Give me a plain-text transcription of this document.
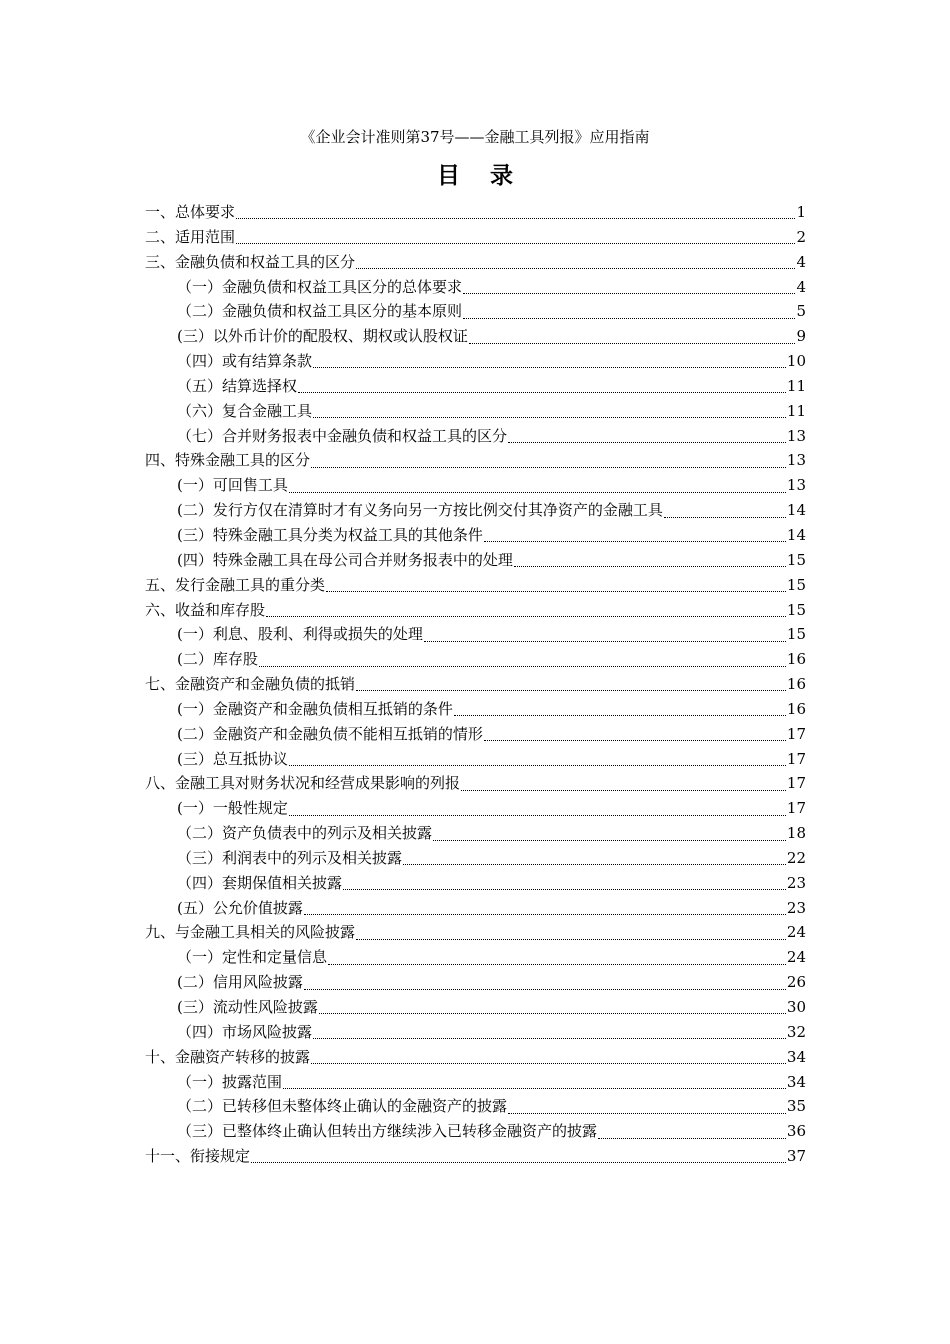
《企业会计准则第37号——金融工具列报》应用指南
目录
一、总体要求	1
二、适用范围	2
三、金融负债和权益工具的区分	4
（一）金融负债和权益工具区分的总体要求	4
（二）金融负债和权益工具区分的基本原则	5
(三）以外币计价的配股权、期权或认股权证	9
（四）或有结算条款	10
（五）结算选择权	11
（六）复合金融工具	11
（七）合并财务报表中金融负债和权益工具的区分	13
四、特殊金融工具的区分	13
(一）可回售工具	13
(二）发行方仅在清算时才有义务向另一方按比例交付其净资产的金融工具	14
(三）特殊金融工具分类为权益工具的其他条件	14
(四）特殊金融工具在母公司合并财务报表中的处理	15
五、发行金融工具的重分类	15
六、收益和库存股	15
(一）利息、股利、利得或损失的处理	15
(二）库存股	16
七、金融资产和金融负债的抵销	16
(一）金融资产和金融负债相互抵销的条件	16
(二）金融资产和金融负债不能相互抵销的情形	17
(三）总互抵协议	17
八、金融工具对财务状况和经营成果影响的列报	17
(一）一般性规定	17
（二）资产负债表中的列示及相关披露	18
（三）利润表中的列示及相关披露	22
（四）套期保值相关披露	23
(五）公允价值披露	23
九、与金融工具相关的风险披露	24
（一）定性和定量信息	24
(二）信用风险披露	26
(三）流动性风险披露	30
（四）市场风险披露	32
十、金融资产转移的披露	34
（一）披露范围	34
（二）已转移但未整体终止确认的金融资产的披露	35
（三）已整体终止确认但转出方继续涉入已转移金融资产的披露	36
十一、衔接规定	37
